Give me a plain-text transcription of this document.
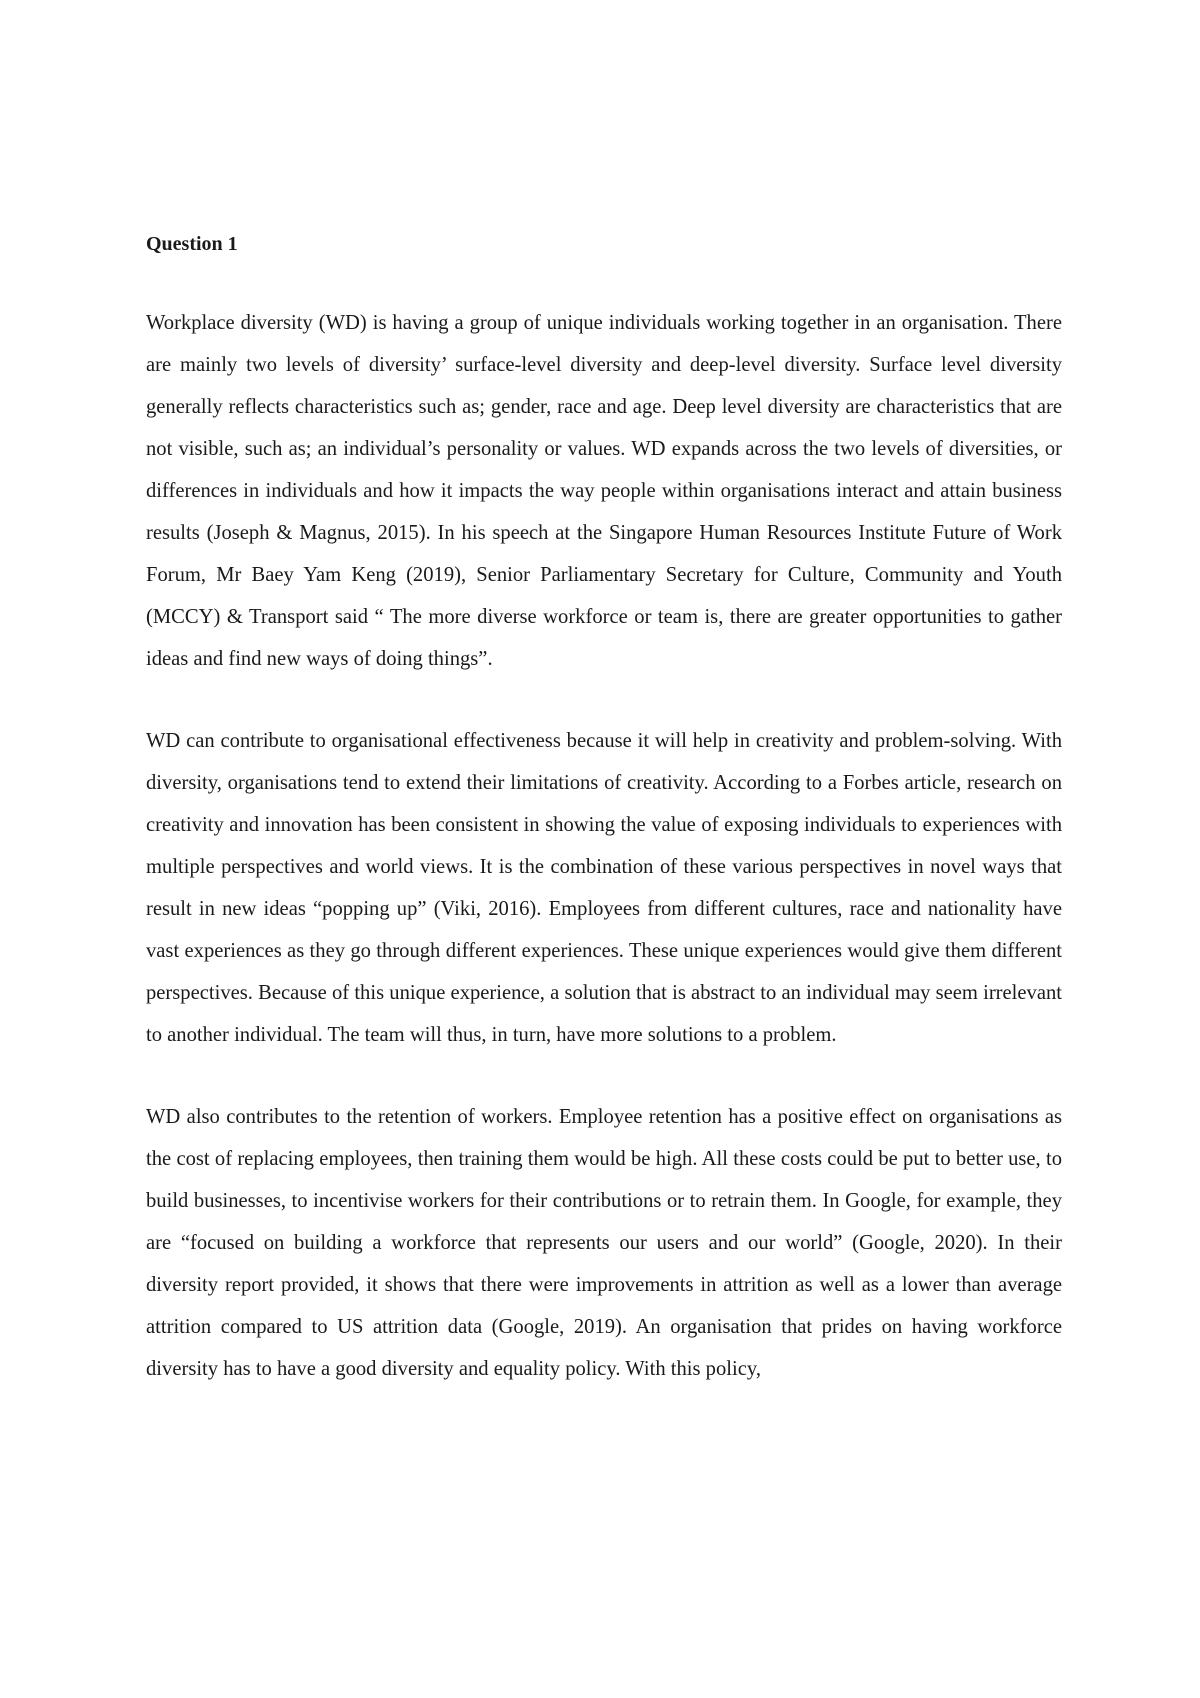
Question 1

Workplace diversity (WD) is having a group of unique individuals working together in an organisation. There are mainly two levels of diversity’ surface-level diversity and deep-level diversity. Surface level diversity generally reflects characteristics such as; gender, race and age. Deep level diversity are characteristics that are not visible, such as; an individual’s personality or values. WD expands across the two levels of diversities, or differences in individuals and how it impacts the way people within organisations interact and attain business results (Joseph & Magnus, 2015). In his speech at the Singapore Human Resources Institute Future of Work Forum, Mr Baey Yam Keng (2019), Senior Parliamentary Secretary for Culture, Community and Youth (MCCY) & Transport said “ The more diverse workforce or team is, there are greater opportunities to gather ideas and find new ways of doing things”.

WD can contribute to organisational effectiveness because it will help in creativity and problem-solving. With diversity, organisations tend to extend their limitations of creativity. According to a Forbes article, research on creativity and innovation has been consistent in showing the value of exposing individuals to experiences with multiple perspectives and world views. It is the combination of these various perspectives in novel ways that result in new ideas “popping up” (Viki, 2016). Employees from different cultures, race and nationality have vast experiences as they go through different experiences. These unique experiences would give them different perspectives. Because of this unique experience, a solution that is abstract to an individual may seem irrelevant to another individual. The team will thus, in turn, have more solutions to a problem.

WD also contributes to the retention of workers. Employee retention has a positive effect on organisations as the cost of replacing employees, then training them would be high. All these costs could be put to better use, to build businesses, to incentivise workers for their contributions or to retrain them. In Google, for example, they are “focused on building a workforce that represents our users and our world” (Google, 2020). In their diversity report provided, it shows that there were improvements in attrition as well as a lower than average attrition compared to US attrition data (Google, 2019). An organisation that prides on having workforce diversity has to have a good diversity and equality policy. With this policy,
